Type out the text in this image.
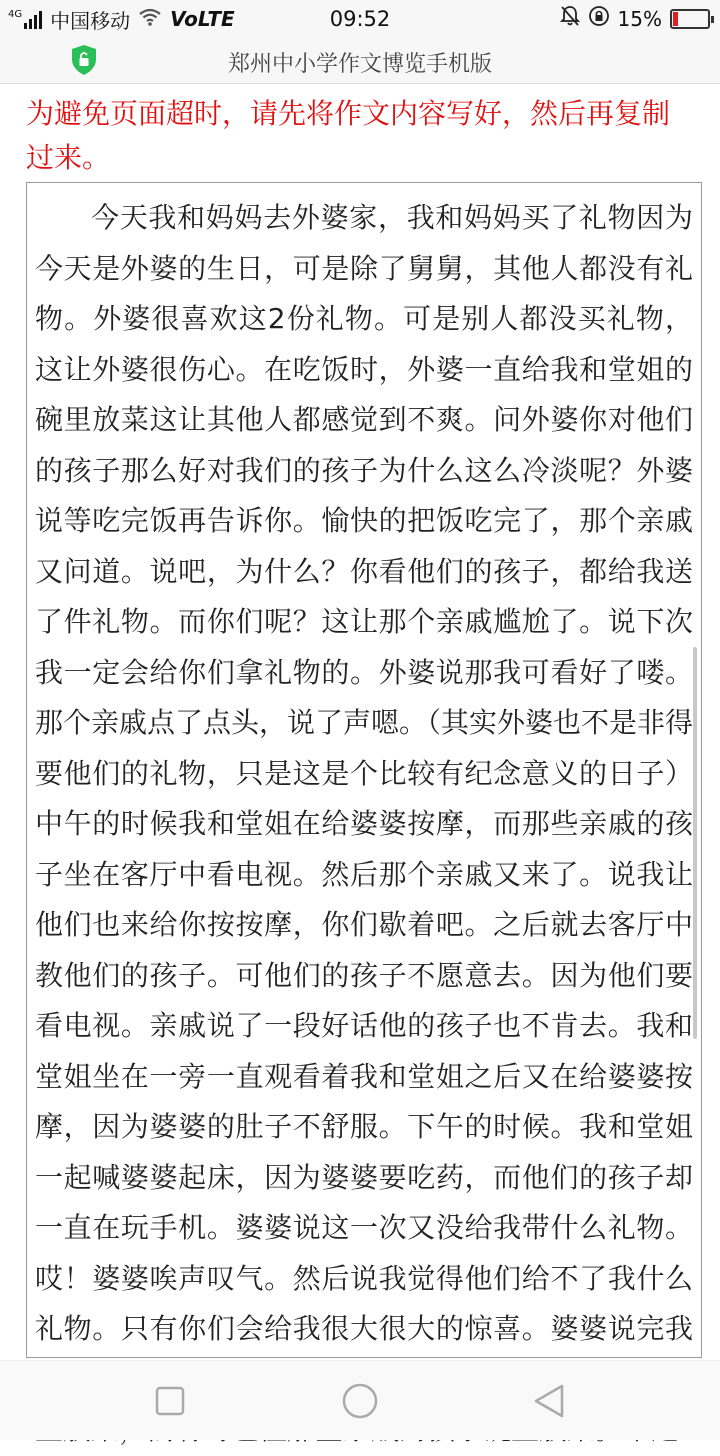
4G 中国移动 VoLTE	09:52	15%
郑州中小学作文博览手机版
为避免页面超时，请先将作文内容写好，然后再复制过来。
今天我和妈妈去外婆家，我和妈妈买了礼物因为今天是外婆的生日，可是除了舅舅，其他人都没有礼物。外婆很喜欢这2份礼物。可是别人都没买礼物，这让外婆很伤心。在吃饭时，外婆一直给我和堂姐的碗里放菜这让其他人都感觉到不爽。问外婆你对他们的孩子那么好对我们的孩子为什么这么冷淡呢？外婆说等吃完饭再告诉你。愉快的把饭吃完了，那个亲戚又问道。说吧，为什么？你看他们的孩子，都给我送了件礼物。而你们呢？这让那个亲戚尴尬了。说下次我一定会给你们拿礼物的。外婆说那我可看好了喽。那个亲戚点了点头，说了声嗯。（其实外婆也不是非得要他们的礼物，只是这是个比较有纪念意义的日子）中午的时候我和堂姐在给婆婆按摩，而那些亲戚的孩子坐在客厅中看电视。然后那个亲戚又来了。说我让他们也来给你按按摩，你们歇着吧。之后就去客厅中教他们的孩子。可他们的孩子不愿意去。因为他们要看电视。亲戚说了一段好话他的孩子也不肯去。我和堂姐坐在一旁一直观看着我和堂姐之后又在给婆婆按摩，因为婆婆的肚子不舒服。下午的时候。我和堂姐一起喊婆婆起床，因为婆婆要吃药，而他们的孩子却一直在玩手机。婆婆说这一次又没给我带什么礼物。哎！婆婆唉声叹气。然后说我觉得他们给不了我什么礼物。只有你们会给我很大很大的惊喜。婆婆说完我
